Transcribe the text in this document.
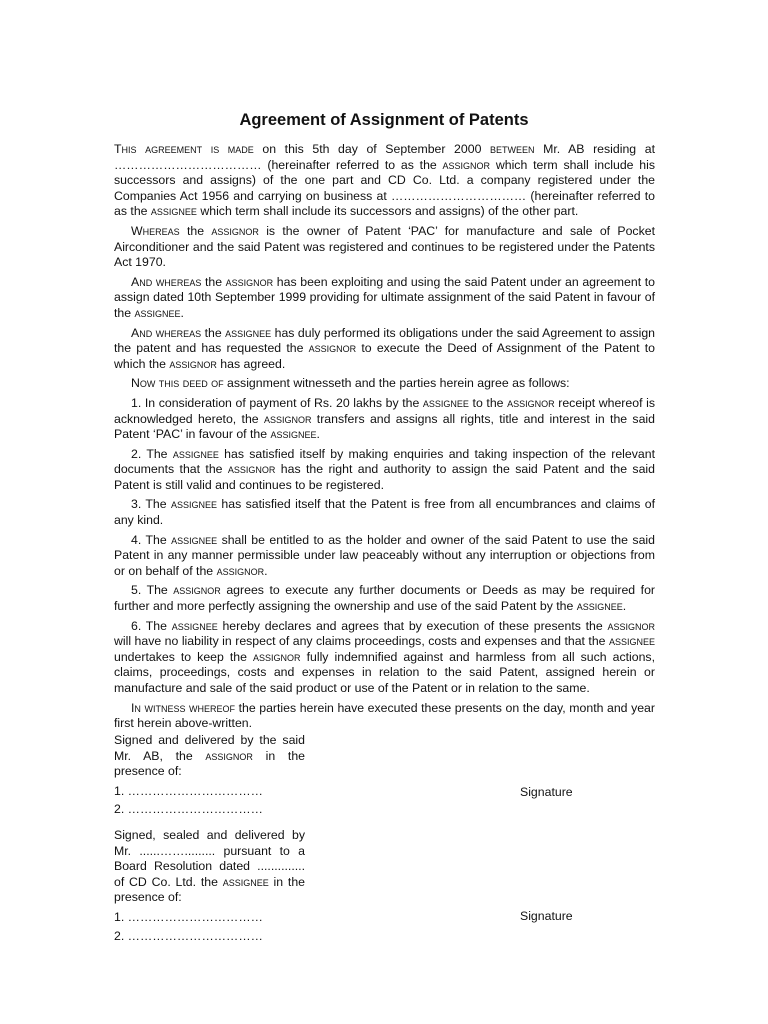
Agreement of Assignment of Patents

This agreement is made on this 5th day of September 2000 between Mr. AB residing at ……………………………… (hereinafter referred to as the assignor which term shall include his successors and assigns) of the one part and CD Co. Ltd. a company registered under the Companies Act 1956 and carrying on business at …………………………… (hereinafter referred to as the assignee which term shall include its successors and assigns) of the other part.

Whereas the assignor is the owner of Patent ‘PAC’ for manufacture and sale of Pocket Airconditioner and the said Patent was registered and continues to be registered under the Patents Act 1970.

And whereas the assignor has been exploiting and using the said Patent under an agreement to assign dated 10th September 1999 providing for ultimate assignment of the said Patent in favour of the assignee.

And whereas the assignee has duly performed its obligations under the said Agreement to assign the patent and has requested the assignor to execute the Deed of Assignment of the Patent to which the assignor has agreed.

Now this deed of assignment witnesseth and the parties herein agree as follows:

1. In consideration of payment of Rs. 20 lakhs by the assignee to the assignor receipt whereof is acknowledged hereto, the assignor transfers and assigns all rights, title and interest in the said Patent ‘PAC’ in favour of the assignee.

2. The assignee has satisfied itself by making enquiries and taking inspection of the relevant documents that the assignor has the right and authority to assign the said Patent and the said Patent is still valid and continues to be registered.

3. The assignee has satisfied itself that the Patent is free from all encumbrances and claims of any kind.

4. The assignee shall be entitled to as the holder and owner of the said Patent to use the said Patent in any manner permissible under law peaceably without any interruption or objections from or on behalf of the assignor.

5. The assignor agrees to execute any further documents or Deeds as may be required for further and more perfectly assigning the ownership and use of the said Patent by the assignee.

6. The assignee hereby declares and agrees that by execution of these presents the assignor will have no liability in respect of any claims proceedings, costs and expenses and that the assignee undertakes to keep the assignor fully indemnified against and harmless from all such actions, claims, proceedings, costs and expenses in relation to the said Patent, assigned herein or manufacture and sale of the said product or use of the Patent or in relation to the same.

In witness whereof the parties herein have executed these presents on the day, month and year first herein above-written.

Signed and delivered by the said Mr. AB, the assignor in the presence of:

1. ……………………………

2. ……………………………

Signature

Signed, sealed and delivered by Mr. ......……......... pursuant to a Board Resolution dated .............. of CD Co. Ltd. the assignee in the presence of:

1. ……………………………

2. ……………………………

Signature
